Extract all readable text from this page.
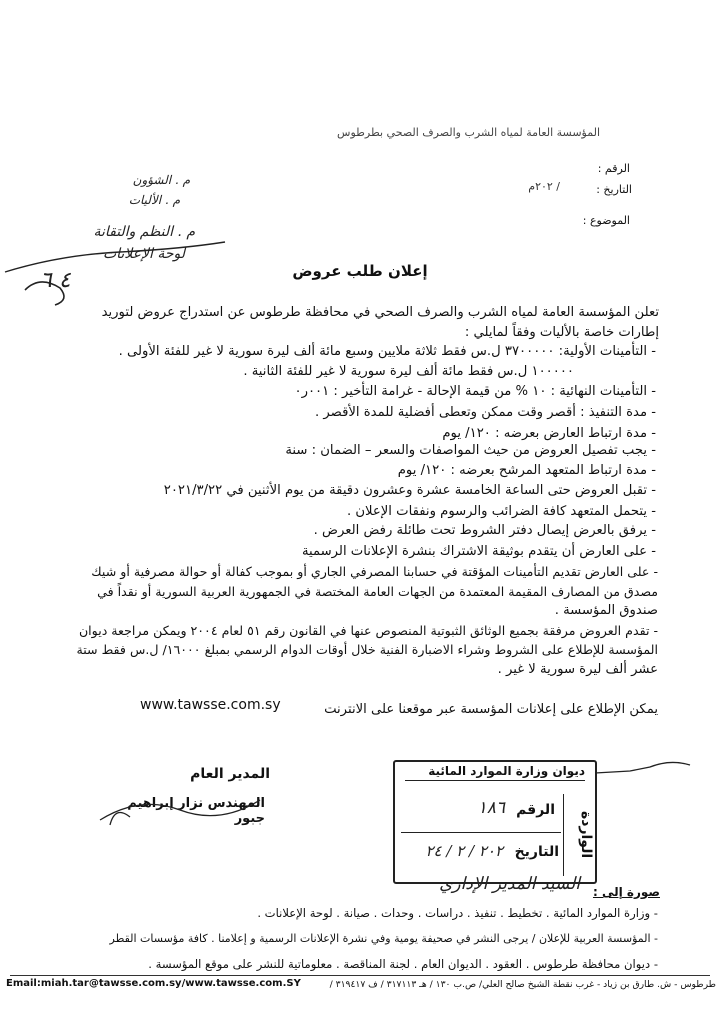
المؤسسة العامة لمياه الشرب والصرف الصحي بطرطوس
الرقم :
التاريخ :
/ ٢٠٢م
الموضوع :
م . الشؤون
م . الأليات
م . النظم والتقانة
لوحة الإعلانات
٤ ٦	إعلان طلب عروض
تعلن المؤسسة العامة لمياه الشرب والصرف الصحي في محافظة طرطوس عن استدراج عروض لتوريد
إطارات خاصة بالأليات وفقاً لمايلي :
- التأمينات الأولية: ٣٧٠٠٠٠٠ ل.س فقط ثلاثة ملايين وسبع مائة ألف ليرة سورية لا غير للفئة الأولى .
١٠٠٠٠٠ ل.س فقط مائة ألف ليرة سورية لا غير للفئة الثانية .
- التأمينات النهائية : ١٠ % من قيمة الإحالة - غرامة التأخير : ٠٠١ر٠
- مدة التنفيذ : أقصر وقت ممكن وتعطى أفضلية للمدة الأقصر .
- مدة ارتباط العارض بعرضه : ١٢٠/ يوم
- يجب تفصيل العروض من حيث المواصفات والسعر – الضمان : سنة
- مدة ارتباط المتعهد المرشح بعرضه : ١٢٠/ يوم
- تقبل العروض حتى الساعة الخامسة عشرة وعشرون دقيقة من يوم الأثنين في ٢٠٢١/٣/٢٢
- يتحمل المتعهد كافة الضرائب والرسوم ونفقات الإعلان .
- يرفق بالعرض إيصال دفتر الشروط تحت طائلة رفض العرض .
- على العارض أن يتقدم بوثيقة الاشتراك بنشرة الإعلانات الرسمية
- على العارض تقديم التأمينات المؤقتة في حسابنا المصرفي الجاري أو بموجب كفالة أو حوالة مصرفية أو شيك
مصدق من المصارف المقيمة المعتمدة من الجهات العامة المختصة في الجمهورية العربية السورية أو نقداً في
صندوق المؤسسة .
- تقدم العروض مرفقة بجميع الوثائق الثبوتية المنصوص عنها في القانون رقم ٥١ لعام ٢٠٠٤ ويمكن مراجعة ديوان
المؤسسة للإطلاع على الشروط وشراء الاضبارة الفنية خلال أوقات الدوام الرسمي بمبلغ ١٦٠٠٠/ ل.س فقط ستة
عشر ألف ليرة سورية لا غير .
يمكن الإطلاع على إعلانات المؤسسة عبر موقعنا على الانترنت
www.tawsse.com.sy
المدير العام
المهندس نزار إبراهيم جبور
ديوان وزارة الموارد المائية
الواردة
الرقم
١٨٦
التاريخ
٢٠٢ / ٢ / ٢٤
صورة إلى :
السيد المدير الإداري
- وزارة الموارد المائية . تخطيط . تنفيذ . دراسات . وحدات . صيانة . لوحة الإعلانات .
- المؤسسة العربية للإعلان / يرجى النشر في صحيفة يومية وفي نشرة الإعلانات الرسمية و إعلامنا . كافة مؤسسات القطر
- ديوان محافظة طرطوس . العقود . الديوان العام . لجنة المناقصة . معلوماتية للنشر على موقع المؤسسة .
Email:miah.tar@tawsse.com.sy/www.tawsse.com.SY	طرطوس - ش. طارق بن زياد - غرب نقطة الشيخ صالح العلي/ ص.ب ١٣٠ / هـ ٣١٧١١٣ / ف ٣١٩٤١٧ /
